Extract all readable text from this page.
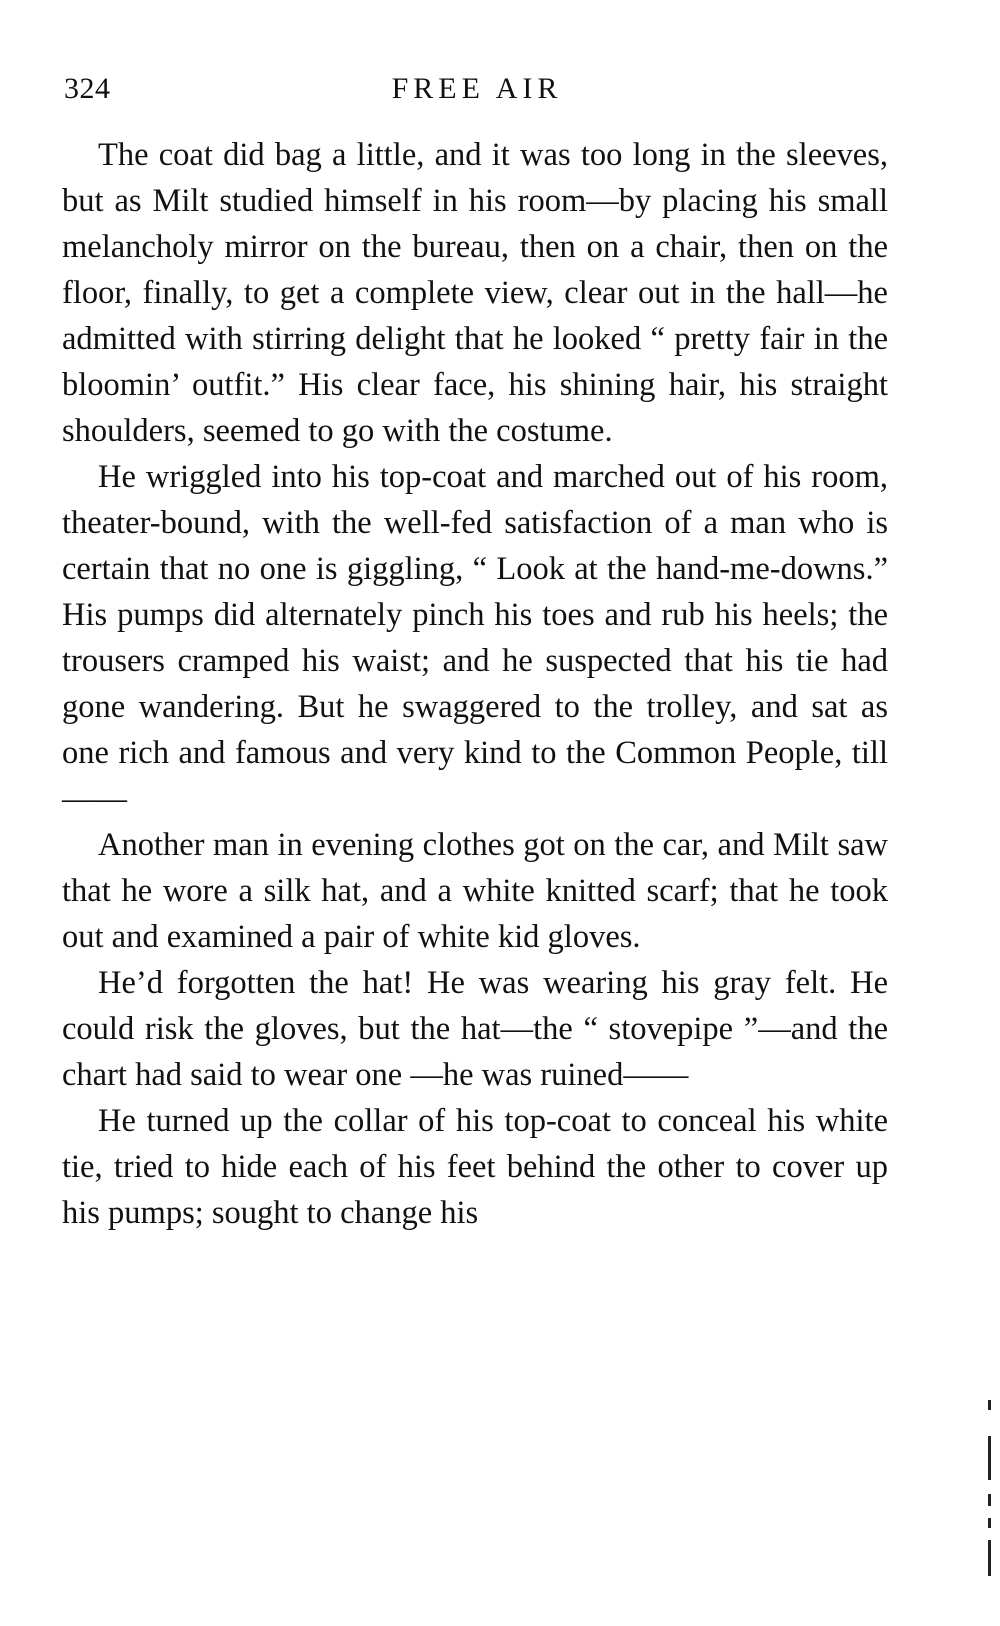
324	FREE AIR

The coat did bag a little, and it was too long in the sleeves, but as Milt studied himself in his room—by placing his small melancholy mirror on the bureau, then on a chair, then on the floor, finally, to get a complete view, clear out in the hall—he admitted with stirring delight that he looked “ pretty fair in the bloomin’ outfit.” His clear face, his shining hair, his straight shoulders, seemed to go with the costume.

He wriggled into his top-coat and marched out of his room, theater-bound, with the well-fed satisfaction of a man who is certain that no one is giggling, “ Look at the hand-me-downs.” His pumps did alternately pinch his toes and rub his heels; the trousers cramped his waist; and he suspected that his tie had gone wandering. But he swaggered to the trolley, and sat as one rich and famous and very kind to the Common People, till——

Another man in evening clothes got on the car, and Milt saw that he wore a silk hat, and a white knitted scarf; that he took out and examined a pair of white kid gloves.

He’d forgotten the hat! He was wearing his gray felt. He could risk the gloves, but the hat—the “ stovepipe ”—and the chart had said to wear one —he was ruined——

He turned up the collar of his top-coat to conceal his white tie, tried to hide each of his feet behind the other to cover up his pumps; sought to change his
